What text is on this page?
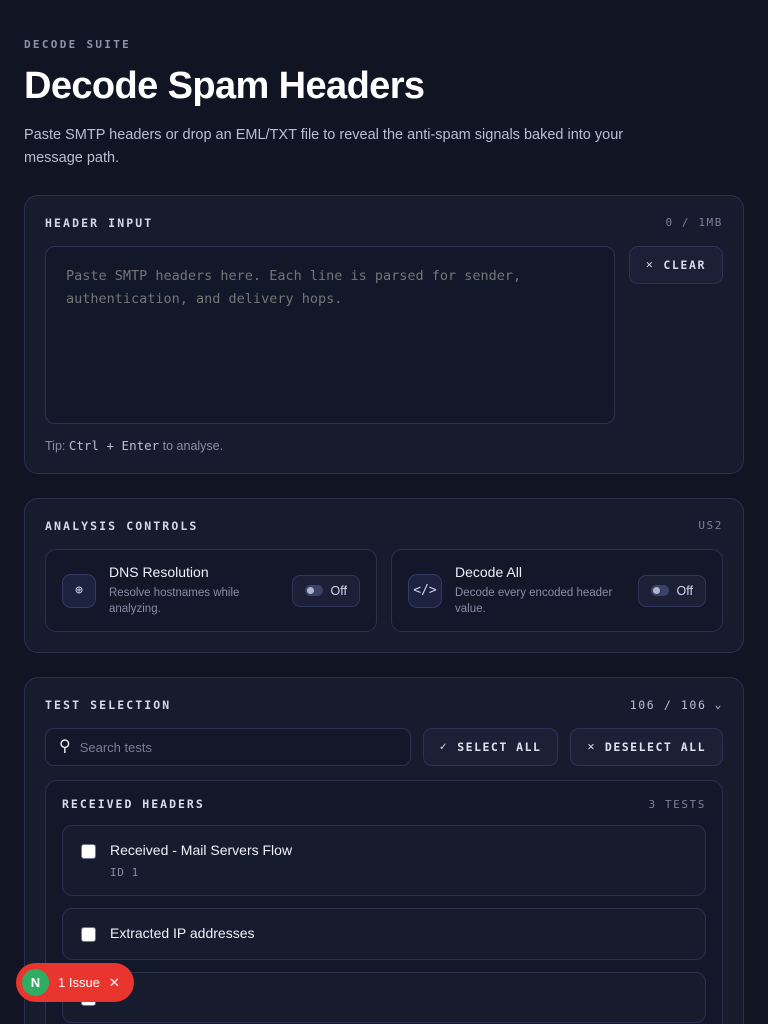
DECODE SUITE
Decode Spam Headers

Paste SMTP headers or drop an EML/TXT file to reveal the anti-spam signals baked into your message path.

HEADER INPUT	0 / 1MB
Paste SMTP headers here. Each line is parsed for sender, authentication, and delivery hops.
✕ CLEAR
Tip: Ctrl + Enter to analyse.
ANALYSIS CONTROLS	US2
⊕
DNS Resolution
Resolve hostnames while analyzing.
Off	</>
Decode All
Decode every encoded header value.
Off
TEST SELECTION	106 / 106 ⌄
⚲
Search tests	✓ SELECT ALL	✕ DESELECT ALL
RECEIVED HEADERS	3 TESTS
Received - Mail Servers Flow
ID 1
Extracted IP addresses
N	1 Issue ✕
